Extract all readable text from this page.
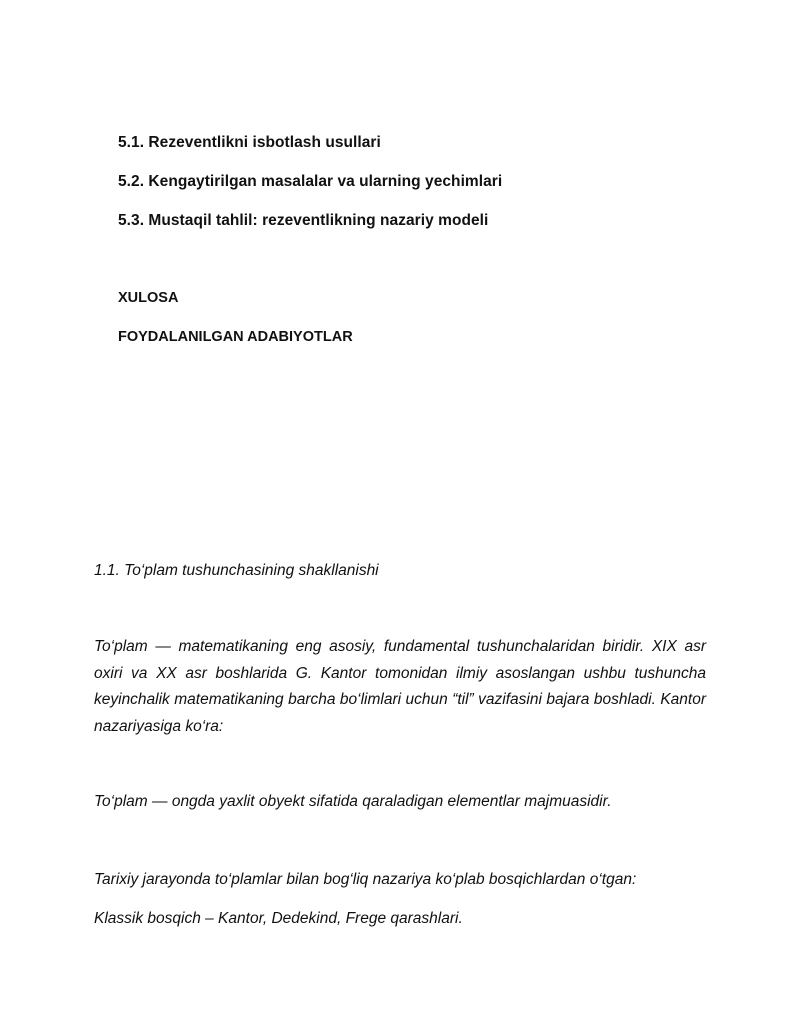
5.1. Rezeventlikni isbotlash usullari
5.2. Kengaytirilgan masalalar va ularning yechimlari
5.3. Mustaqil tahlil: rezeventlikning nazariy modeli
XULOSA
FOYDALANILGAN ADABIYOTLAR
1.1. To‘plam tushunchasining shakllanishi
To‘plam — matematikaning eng asosiy, fundamental tushunchalaridan biridir. XIX asr oxiri va XX asr boshlarida G. Kantor tomonidan ilmiy asoslangan ushbu tushuncha keyinchalik matematikaning barcha bo‘limlari uchun “til” vazifasini bajara boshladi. Kantor nazariyasiga ko‘ra:
To‘plam — ongda yaxlit obyekt sifatida qaraladigan elementlar majmuasidir.
Tarixiy jarayonda to‘plamlar bilan bog‘liq nazariya ko‘plab bosqichlardan o‘tgan:
Klassik bosqich – Kantor, Dedekind, Frege qarashlari.
